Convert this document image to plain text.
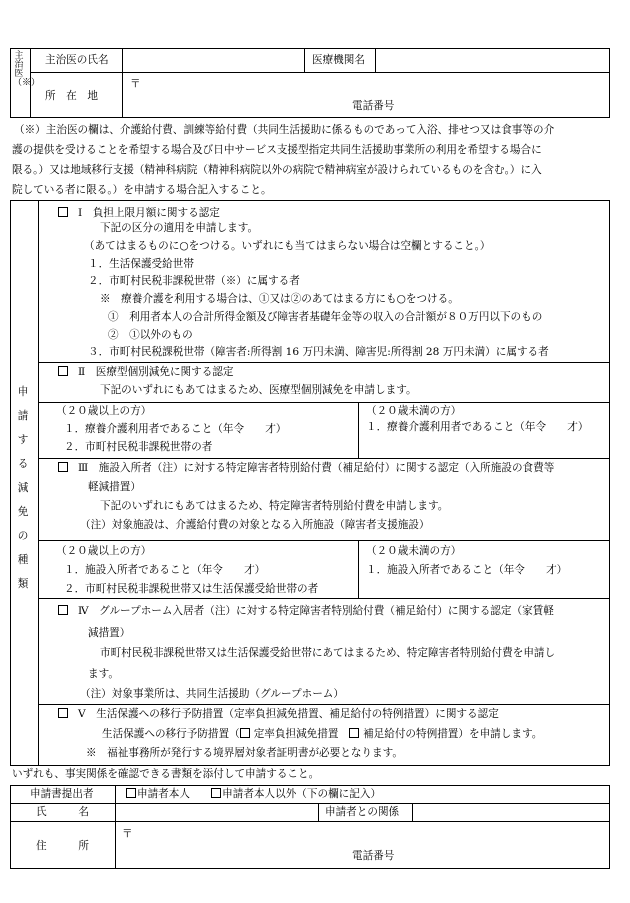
主治医（※）
主治医の氏名	医療機関名
所　在　地
〒
電話番号
（※）主治医の欄は、介護給付費、訓練等給付費（共同生活援助に係るものであって入浴、排せつ又は食事等の介
護の提供を受けることを希望する場合及び日中サービス支援型指定共同生活援助事業所の利用を希望する場合に
限る。）又は地域移行支援（精神科病院（精神科病院以外の病院で精神病室が設けられているものを含む。）に入
院している者に限る。）を申請する場合記入すること。
申請する減免の種類
Ⅰ　負担上限月額に関する認定
下記の区分の適用を申請します。
（あてはまるものに○をつける。いずれにも当てはまらない場合は空欄とすること。）
１．生活保護受給世帯
２．市町村民税非課税世帯（※）に属する者
※　療養介護を利用する場合は、①又は②のあてはまる方にも○をつける。
①　利用者本人の合計所得金額及び障害者基礎年金等の収入の合計額が８０万円以下のもの
②　①以外のもの
３．市町村民税課税世帯（障害者:所得割 16 万円未満、障害児:所得割 28 万円未満）に属する者
Ⅱ　医療型個別減免に関する認定
下記のいずれにもあてはまるため、医療型個別減免を申請します。
（２０歳以上の方）
１．療養介護利用者であること（年令　　才）
２．市町村民税非課税世帯の者
（２０歳未満の方）
１．療養介護利用者であること（年令　　才）
Ⅲ　施設入所者（注）に対する特定障害者特別給付費（補足給付）に関する認定（入所施設の食費等
軽減措置）
下記のいずれにもあてはまるため、特定障害者特別給付費を申請します。
（注）対象施設は、介護給付費の対象となる入所施設（障害者支援施設）
（２０歳以上の方）
１．施設入所者であること（年令　　才）
２．市町村民税非課税世帯又は生活保護受給世帯の者
（２０歳未満の方）
１．施設入所者であること（年令　　才）
Ⅳ　グループホーム入居者（注）に対する特定障害者特別給付費（補足給付）に関する認定（家賃軽
減措置）
市町村民税非課税世帯又は生活保護受給世帯にあてはまるため、特定障害者特別給付費を申請し
ます。
（注）対象事業所は、共同生活援助（グループホーム）
Ⅴ　生活保護への移行予防措置（定率負担減免措置、補足給付の特例措置）に関する認定
生活保護への移行予防措置（ 定率負担減免措置　 補足給付の特例措置）を申請します。
※　福祉事務所が発行する境界層対象者証明書が必要となります。
いずれも、事実関係を確認できる書類を添付して申請すること。
申請書提出者	申請者本人　　	申請者本人以外（下の欄に記入）
氏　　　名	申請者との関係
住　　　所
〒
電話番号
